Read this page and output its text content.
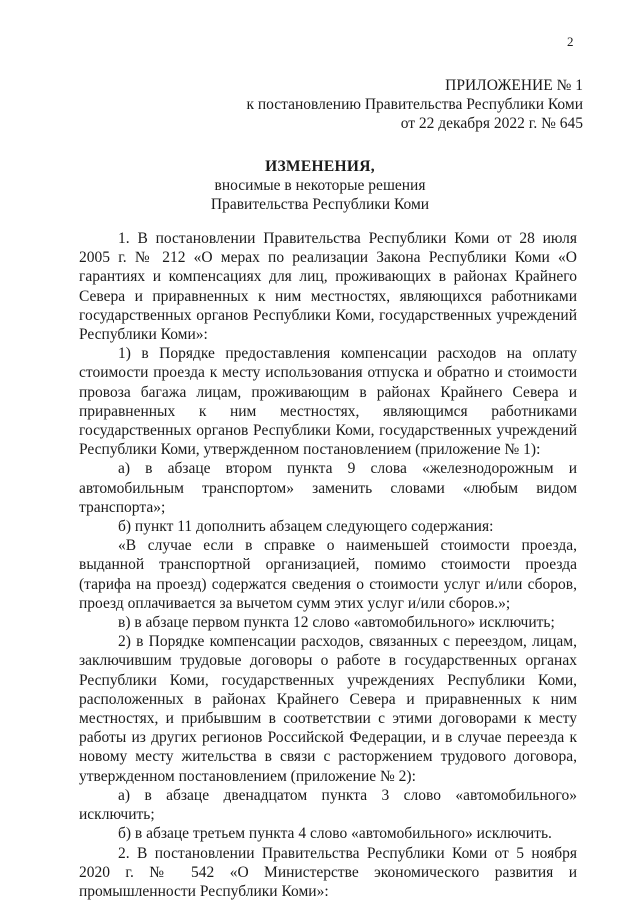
2
ПРИЛОЖЕНИЕ № 1
к постановлению Правительства Республики Коми
от 22 декабря 2022 г. № 645
ИЗМЕНЕНИЯ,
вносимые в некоторые решения
Правительства Республики Коми

1. В постановлении Правительства Республики Коми от 28 июля 2005 г. № 212 «О мерах по реализации Закона Республики Коми «О гарантиях и компенсациях для лиц, проживающих в районах Крайнего Севера и приравненных к ним местностях, являющихся работниками государственных органов Республики Коми, государственных учреждений Республики Коми»:

1) в Порядке предоставления компенсации расходов на оплату стоимости проезда к месту использования отпуска и обратно и стоимости провоза багажа лицам, проживающим в районах Крайнего Севера и приравненных к ним местностях, являющимся работниками государственных органов Республики Коми, государственных учреждений Республики Коми, утвержденном постановлением (приложение № 1):

а) в абзаце втором пункта 9 слова «железнодорожным и автомобильным транспортом» заменить словами «любым видом транспорта»;

б) пункт 11 дополнить абзацем следующего содержания:

«В случае если в справке о наименьшей стоимости проезда, выданной транспортной организацией, помимо стоимости проезда (тарифа на проезд) содержатся сведения о стоимости услуг и/или сборов, проезд оплачивается за вычетом сумм этих услуг и/или сборов.»;

в) в абзаце первом пункта 12 слово «автомобильного» исключить;

2) в Порядке компенсации расходов, связанных с переездом, лицам, заключившим трудовые договоры о работе в государственных органах Республики Коми, государственных учреждениях Республики Коми, расположенных в районах Крайнего Севера и приравненных к ним местностях, и прибывшим в соответствии с этими договорами к месту работы из других регионов Российской Федерации, и в случае переезда к новому месту жительства в связи с расторжением трудового договора, утвержденном постановлением (приложение № 2):

а) в абзаце двенадцатом пункта 3 слово «автомобильного» исключить;

б) в абзаце третьем пункта 4 слово «автомобильного» исключить.

2. В постановлении Правительства Республики Коми от 5 ноября 2020 г. № 542 «О Министерстве экономического развития и промышленности Республики Коми»:
